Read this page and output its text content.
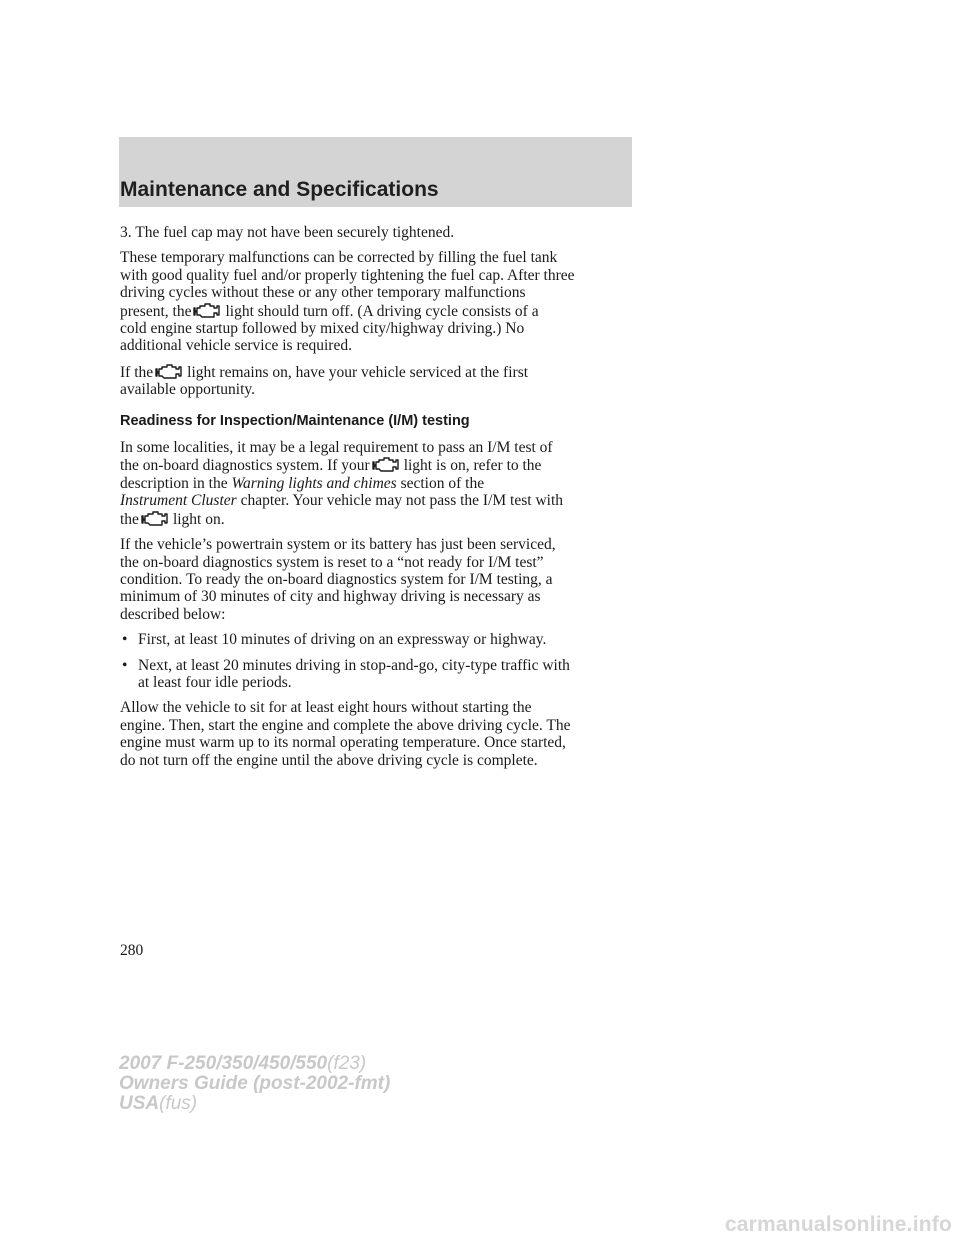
Maintenance and Specifications

3. The fuel cap may not have been securely tightened.

These temporary malfunctions can be corrected by filling the fuel tank
with good quality fuel and/or properly tightening the fuel cap. After three
driving cycles without these or any other temporary malfunctions
present, the light should turn off. (A driving cycle consists of a
cold engine startup followed by mixed city/highway driving.) No
additional vehicle service is required.

If the light remains on, have your vehicle serviced at the first
available opportunity.

Readiness for Inspection/Maintenance (I/M) testing

In some localities, it may be a legal requirement to pass an I/M test of
the on-board diagnostics system. If your light is on, refer to the
description in the Warning lights and chimes section of the
Instrument Cluster chapter. Your vehicle may not pass the I/M test with
the light on.

If the vehicle’s powertrain system or its battery has just been serviced,
the on-board diagnostics system is reset to a “not ready for I/M test”
condition. To ready the on-board diagnostics system for I/M testing, a
minimum of 30 minutes of city and highway driving is necessary as
described below:

• First, at least 10 minutes of driving on an expressway or highway.
• Next, at least 20 minutes driving in stop-and-go, city-type traffic with
at least four idle periods.

Allow the vehicle to sit for at least eight hours without starting the
engine. Then, start the engine and complete the above driving cycle. The
engine must warm up to its normal operating temperature. Once started,
do not turn off the engine until the above driving cycle is complete.

280
2007 F-250/350/450/550(f23)
Owners Guide (post-2002-fmt)
USA(fus)
carmanualsonline.info
